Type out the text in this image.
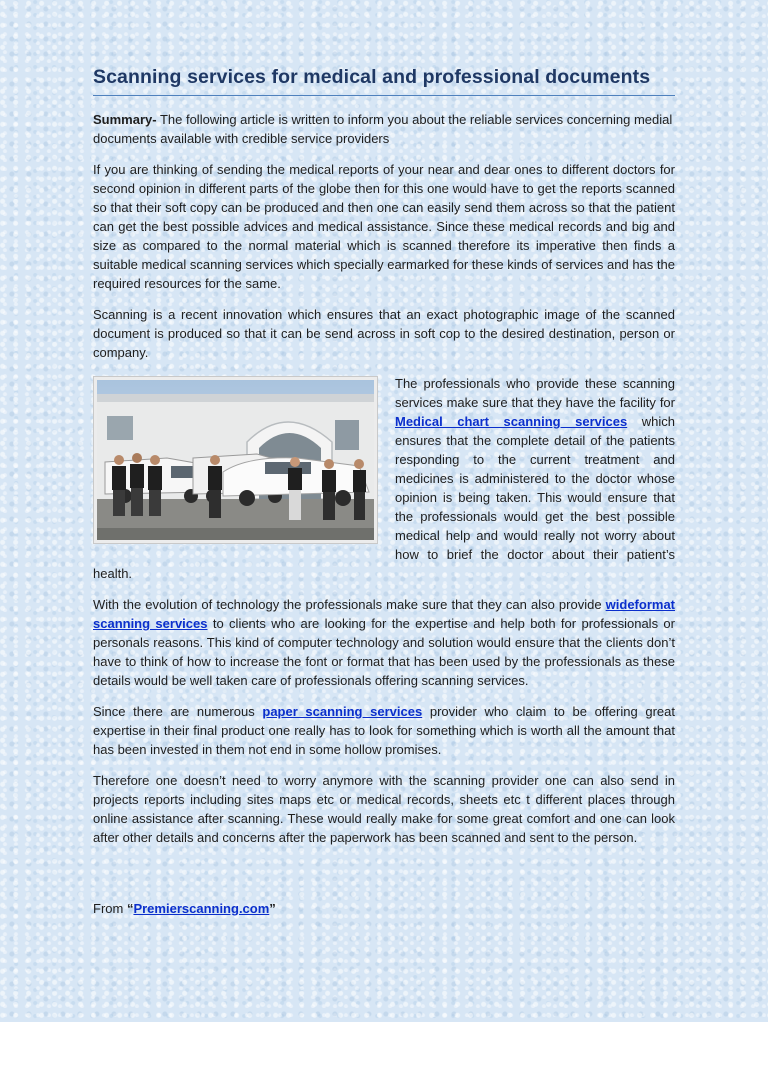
Scanning services for medical and professional documents

Summary- The following article is written to inform you about the reliable services concerning medial documents available with credible service providers

If you are thinking of sending the medical reports of your near and dear ones to different doctors for second opinion in different parts of the globe then for this one would have to get the reports scanned so that their soft copy can be produced and then one can easily send them across so that the patient can get the best possible advices and medical assistance. Since these medical records and big and size as compared to the normal material which is scanned therefore its imperative then finds a suitable medical scanning services which specially earmarked for these kinds of services and has the required resources for the same.

Scanning is a recent innovation which ensures that an exact photographic image of the scanned document is produced so that it can be send across in soft cop to the desired destination, person or company.

The professionals who provide these scanning services make sure that they have the facility for Medical chart scanning services which ensures that the complete detail of the patients responding to the current treatment and medicines is administered to the doctor whose opinion is being taken. This would ensure that the professionals would get the best possible medical help and would really not worry about how to brief the doctor about their patient’s health.

With the evolution of technology the professionals make sure that they can also provide wideformat scanning services to clients who are looking for the expertise and help both for professionals or personals reasons. This kind of computer technology and solution would ensure that the clients don’t have to think of how to increase the font or format that has been used by the professionals as these details would be well taken care of professionals offering scanning services.

Since there are numerous paper scanning services provider who claim to be offering great expertise in their final product one really has to look for something which is worth all the amount that has been invested in them not end in some hollow promises.

Therefore one doesn’t need to worry anymore with the scanning provider one can also send in projects reports including sites maps etc or medical records, sheets etc t different places through online assistance after scanning. These would really make for some great comfort and one can look after other details and concerns after the paperwork has been scanned and sent to the person.

From “Premierscanning.com”
